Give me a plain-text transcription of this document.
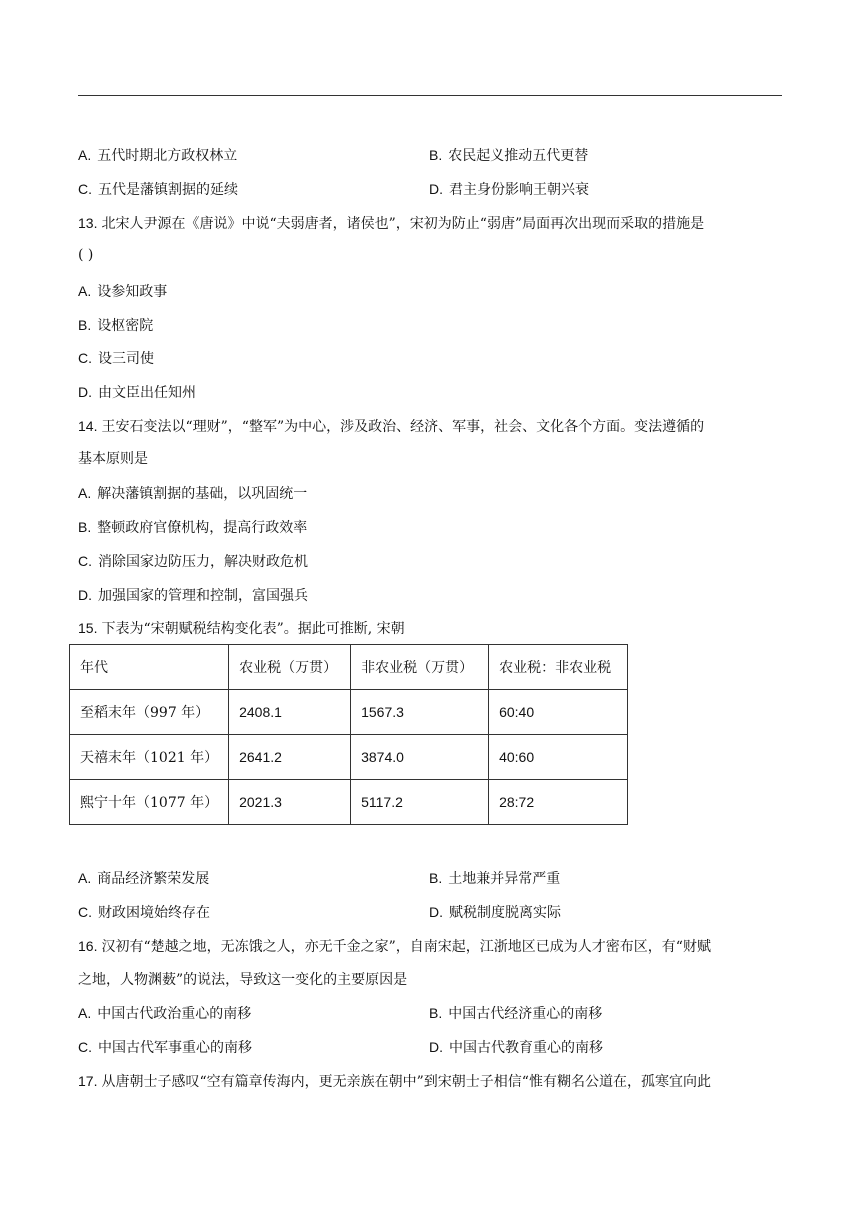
A. 五代时期北方政权林立	B. 农民起义推动五代更替
C. 五代是藩镇割据的延续	D. 君主身份影响王朝兴衰
13. 北宋人尹源在《唐说》中说“夫弱唐者，诸侯也”，宋初为防止“弱唐”局面再次出现而采取的措施是
( )
A. 设参知政事
B. 设枢密院
C. 设三司使
D. 由文臣出任知州
14. 王安石变法以“理财”，“整军”为中心，涉及政治、经济、军事，社会、文化各个方面。变法遵循的
基本原则是
A. 解决藩镇割据的基础，以巩固统一
B. 整顿政府官僚机构，提高行政效率
C. 消除国家边防压力，解决财政危机
D. 加强国家的管理和控制，富国强兵
15. 下表为“宋朝赋税结构变化表”。据此可推断, 宋朝
年代	农业税（万贯）	非农业税（万贯）	农业税：非农业税
至稻末年（997 年）	2408.1	1567.3	60:40
天禧末年（1021 年）	2641.2	3874.0	40:60
熙宁十年（1077 年）	2021.3	5117.2	28:72
A. 商品经济繁荣发展	B. 土地兼并异常严重
C. 财政困境始终存在	D. 赋税制度脱离实际
16. 汉初有“楚越之地，无冻饿之人，亦无千金之家”，自南宋起，江浙地区已成为人才密布区，有“财赋
之地，人物渊薮”的说法，导致这一变化的主要原因是
A. 中国古代政治重心的南移	B. 中国古代经济重心的南移
C. 中国古代军事重心的南移	D. 中国古代教育重心的南移
17. 从唐朝士子感叹“空有篇章传海内，更无亲族在朝中”到宋朝士子相信“惟有糊名公道在，孤寒宜向此
